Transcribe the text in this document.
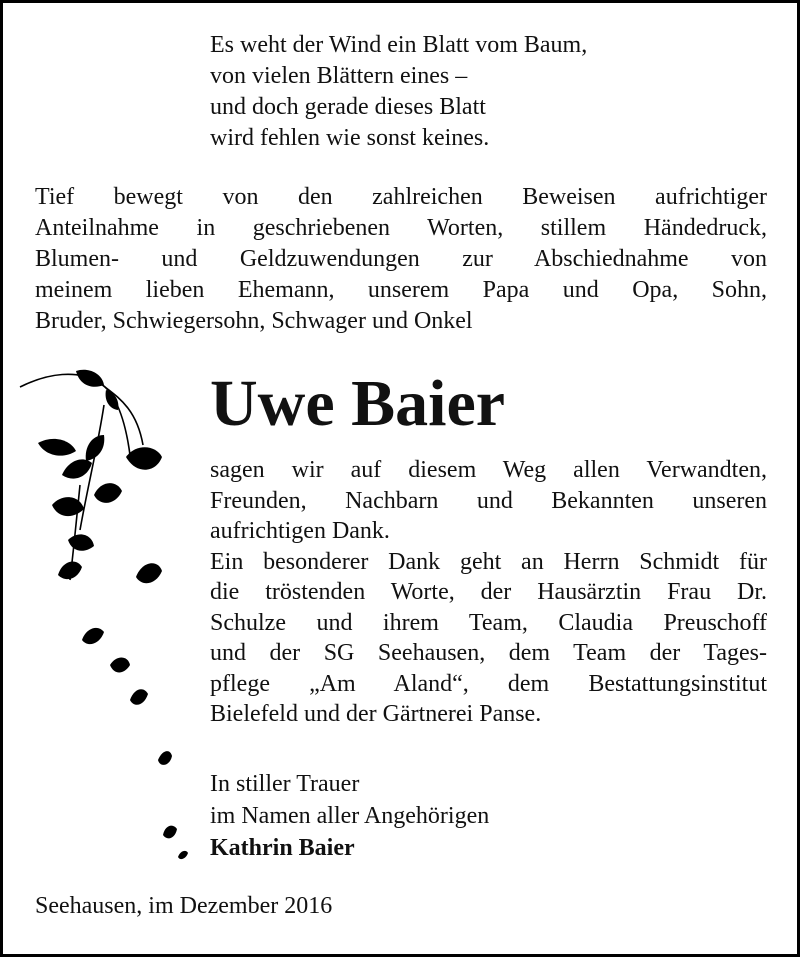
Es weht der Wind ein Blatt vom Baum,
von vielen Blättern eines –
und doch gerade dieses Blatt
wird fehlen wie sonst keines.
Tief bewegt von den zahlreichen Beweisen aufrichtiger
Anteilnahme in geschriebenen Worten, stillem Händedruck,
Blumen- und Geldzuwendungen zur Abschiednahme von
meinem lieben Ehemann, unserem Papa und Opa, Sohn,
Bruder, Schwiegersohn, Schwager und Onkel
Uwe Baier
sagen wir auf diesem Weg allen Verwandten,
Freunden, Nachbarn und Bekannten unseren
aufrichtigen Dank.
Ein besonderer Dank geht an Herrn Schmidt für
die tröstenden Worte, der Hausärztin Frau Dr.
Schulze und ihrem Team, Claudia Preuschoff
und der SG Seehausen, dem Team der Tages-
pflege „Am Aland“, dem Bestattungsinstitut
Bielefeld und der Gärtnerei Panse.
In stiller Trauer
im Namen aller Angehörigen
Kathrin Baier
Seehausen, im Dezember 2016
